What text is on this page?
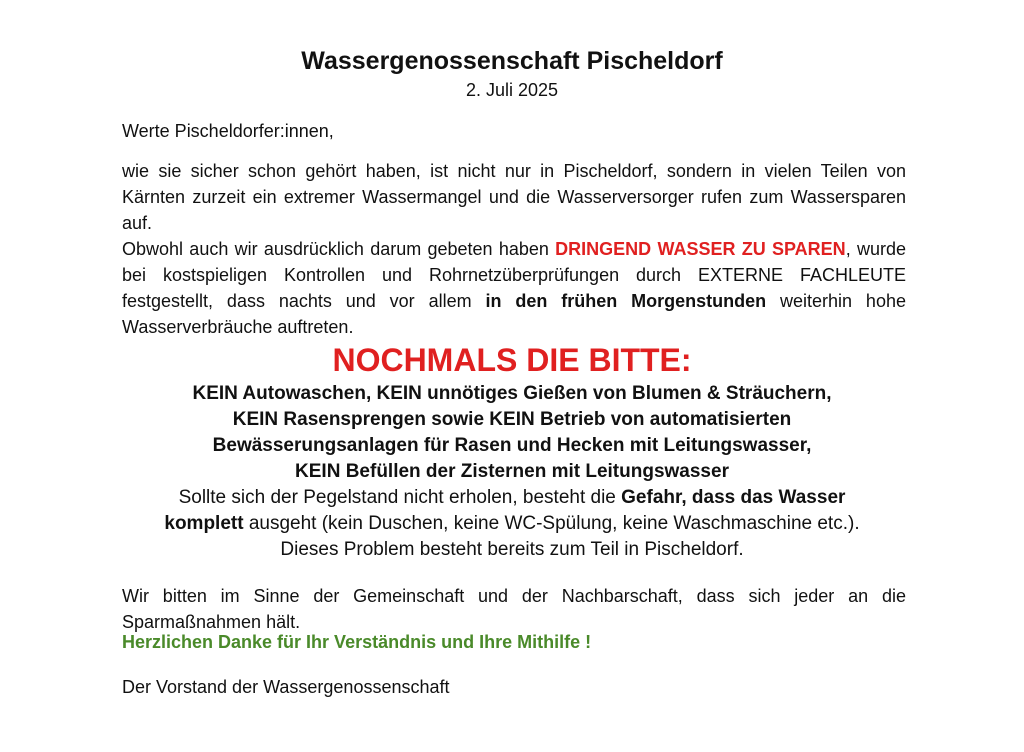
Wassergenossenschaft Pischeldorf
2. Juli 2025
Werte Pischeldorfer:innen,
wie sie sicher schon gehört haben, ist nicht nur in Pischeldorf, sondern in vielen Teilen von Kärnten zurzeit ein extremer Wassermangel und die Wasserversorger rufen zum Wassersparen auf.
Obwohl auch wir ausdrücklich darum gebeten haben DRINGEND WASSER ZU SPAREN, wurde bei kostspieligen Kontrollen und Rohrnetzüberprüfungen durch EXTERNE FACHLEUTE festgestellt, dass nachts und vor allem in den frühen Morgenstunden weiterhin hohe Wasserverbräuche auftreten.
NOCHMALS DIE BITTE:
KEIN Autowaschen, KEIN unnötiges Gießen von Blumen & Sträuchern,
KEIN Rasensprengen sowie KEIN Betrieb von automatisierten
Bewässerungsanlagen für Rasen und Hecken mit Leitungswasser,
KEIN Befüllen der Zisternen mit Leitungswasser
Sollte sich der Pegelstand nicht erholen, besteht die Gefahr, dass das Wasser
komplett ausgeht (kein Duschen, keine WC-Spülung, keine Waschmaschine etc.).
Dieses Problem besteht bereits zum Teil in Pischeldorf.
Wir bitten im Sinne der Gemeinschaft und der Nachbarschaft, dass sich jeder an die Sparmaßnahmen hält.
Herzlichen Danke für Ihr Verständnis und Ihre Mithilfe !
Der Vorstand der Wassergenossenschaft
